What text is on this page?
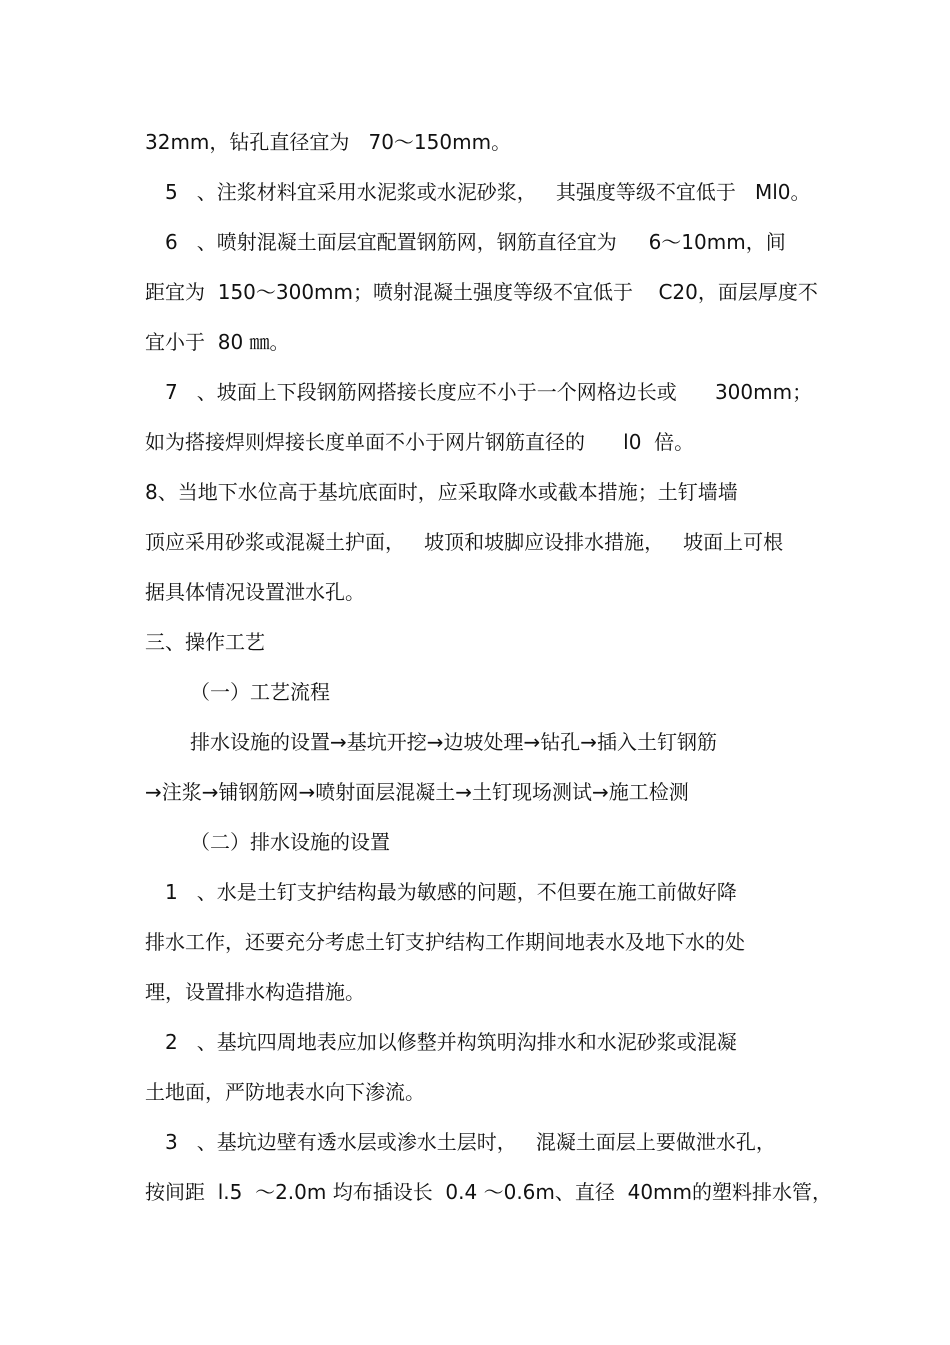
32mm，钻孔直径宜为   70～150mm。
5   、注浆材料宜采用水泥浆或水泥砂浆，   其强度等级不宜低于   Ml0。
6   、喷射混凝土面层宜配置钢筋网，钢筋直径宜为     6～10mm，间
距宜为  150～300mm；喷射混凝土强度等级不宜低于    C20，面层厚度不
宜小于  80 ㎜。
7   、坡面上下段钢筋网搭接长度应不小于一个网格边长或      300mm；
如为搭接焊则焊接长度单面不小于网片钢筋直径的      l0  倍。
8、当地下水位高于基坑底面时，应采取降水或截本措施；土钉墙墙
顶应采用砂浆或混凝土护面，   坡顶和坡脚应设排水措施，   坡面上可根
据具体情况设置泄水孔。
三、操作工艺
（一）工艺流程
排水设施的设置→基坑开挖→边坡处理→钻孔→插入土钉钢筋
→注浆→铺钢筋网→喷射面层混凝土→土钉现场测试→施工检测
（二）排水设施的设置
1   、水是土钉支护结构最为敏感的问题，不但要在施工前做好降
排水工作，还要充分考虑土钉支护结构工作期间地表水及地下水的处
理，设置排水构造措施。
2   、基坑四周地表应加以修整并构筑明沟排水和水泥砂浆或混凝
土地面，严防地表水向下渗流。
3   、基坑边壁有透水层或渗水土层时，   混凝土面层上要做泄水孔，
按间距  l.5  ～2.0m 均布插设长  0.4 ～0.6m、直径  40mm的塑料排水管，
